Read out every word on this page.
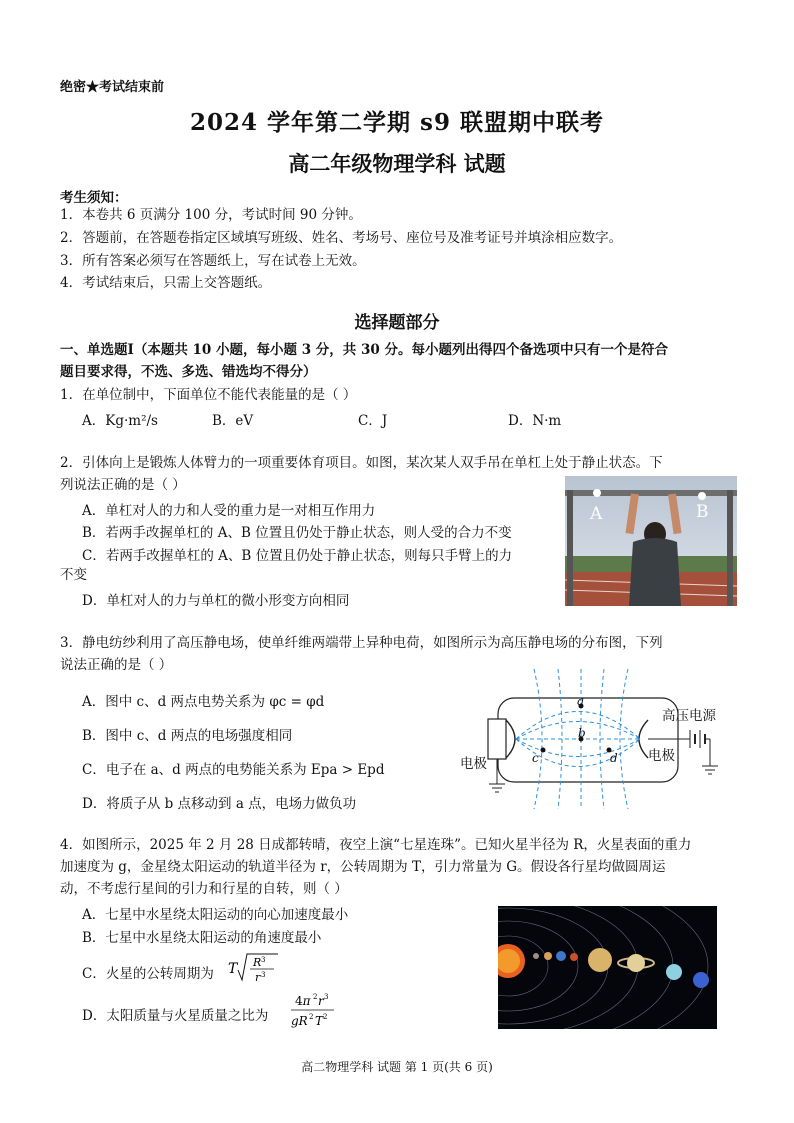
绝密★考试结束前
2024 学年第二学期 s9 联盟期中联考
高二年级物理学科 试题
考生须知：
1．本卷共 6 页满分 100 分，考试时间 90 分钟。
2．答题前，在答题卷指定区域填写班级、姓名、考场号、座位号及准考证号并填涂相应数字。
3．所有答案必须写在答题纸上，写在试卷上无效。
4．考试结束后，只需上交答题纸。
选择题部分
一、单选题Ⅰ（本题共 10 小题，每小题 3 分，共 30 分。每小题列出得四个备选项中只有一个是符合
题目要求得，不选、多选、错选均不得分）
1．在单位制中，下面单位不能代表能量的是（ ）
A．Kg·m²/s	B．eV	C．J	D．N·m
2．引体向上是锻炼人体臂力的一项重要体育项目。如图，某次某人双手吊在单杠上处于静止状态。下
列说法正确的是（ ）
A．单杠对人的力和人受的重力是一对相互作用力
B．若两手改握单杠的 A、B 位置且仍处于静止状态，则人受的合力不变
C．若两手改握单杠的 A、B 位置且仍处于静止状态，则每只手臂上的力
不变
D．单杠对人的力与单杠的微小形变方向相同
A	B
3．静电纺纱利用了高压静电场，使单纤维两端带上异种电荷，如图所示为高压静电场的分布图，下列
说法正确的是（ ）
A．图中 c、d 两点电势关系为 φc = φd
B．图中 c、d 两点的电场强度相同
C．电子在 a、d 两点的电势能关系为 Epa > Epd
D．将质子从 b 点移动到 a 点，电场力做负功
高压电源
电极	电极
a
b
c	d
4．如图所示，2025 年 2 月 28 日成都转晴，夜空上演“七星连珠”。已知火星半径为 R，火星表面的重力
加速度为 g，金星绕太阳运动的轨道半径为 r，公转周期为 T，引力常量为 G。假设各行星均做圆周运
动，不考虑行星间的引力和行星的自转，则（ ）
A．七星中水星绕太阳运动的向心加速度最小
B．七星中水星绕太阳运动的角速度最小
C．火星的公转周期为 T R 3
r 3
D．太阳质量与火星质量之比为
4π 2 r 3
gR 2 T 2
高二物理学科 试题 第 1 页(共 6 页)
